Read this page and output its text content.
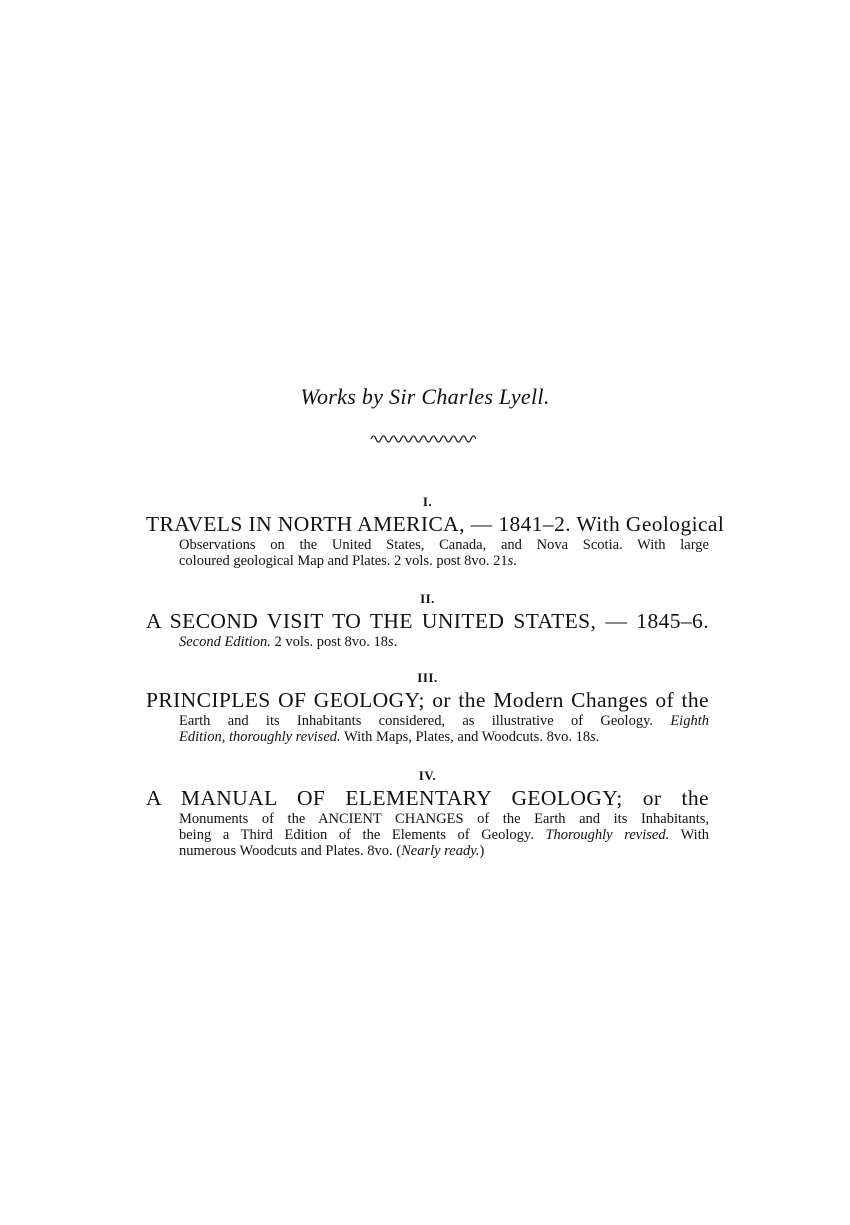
Works by Sir Charles Lyell.

I.

TRAVELS IN NORTH AMERICA, — 1841–2. With Geological

Observations on the United States, Canada, and Nova Scotia. With large
coloured geological Map and Plates. 2 vols. post 8vo. 21s.

II.

A SECOND VISIT TO THE UNITED STATES, — 1845–6.

Second Edition. 2 vols. post 8vo. 18s.

III.

PRINCIPLES OF GEOLOGY; or the Modern Changes of the

Earth and its Inhabitants considered, as illustrative of Geology. Eighth
Edition, thoroughly revised. With Maps, Plates, and Woodcuts. 8vo. 18s.

IV.

A MANUAL OF ELEMENTARY GEOLOGY; or the

Monuments of the ANCIENT CHANGES of the Earth and its Inhabitants,
being a Third Edition of the Elements of Geology. Thoroughly revised. With
numerous Woodcuts and Plates. 8vo. (Nearly ready.)
